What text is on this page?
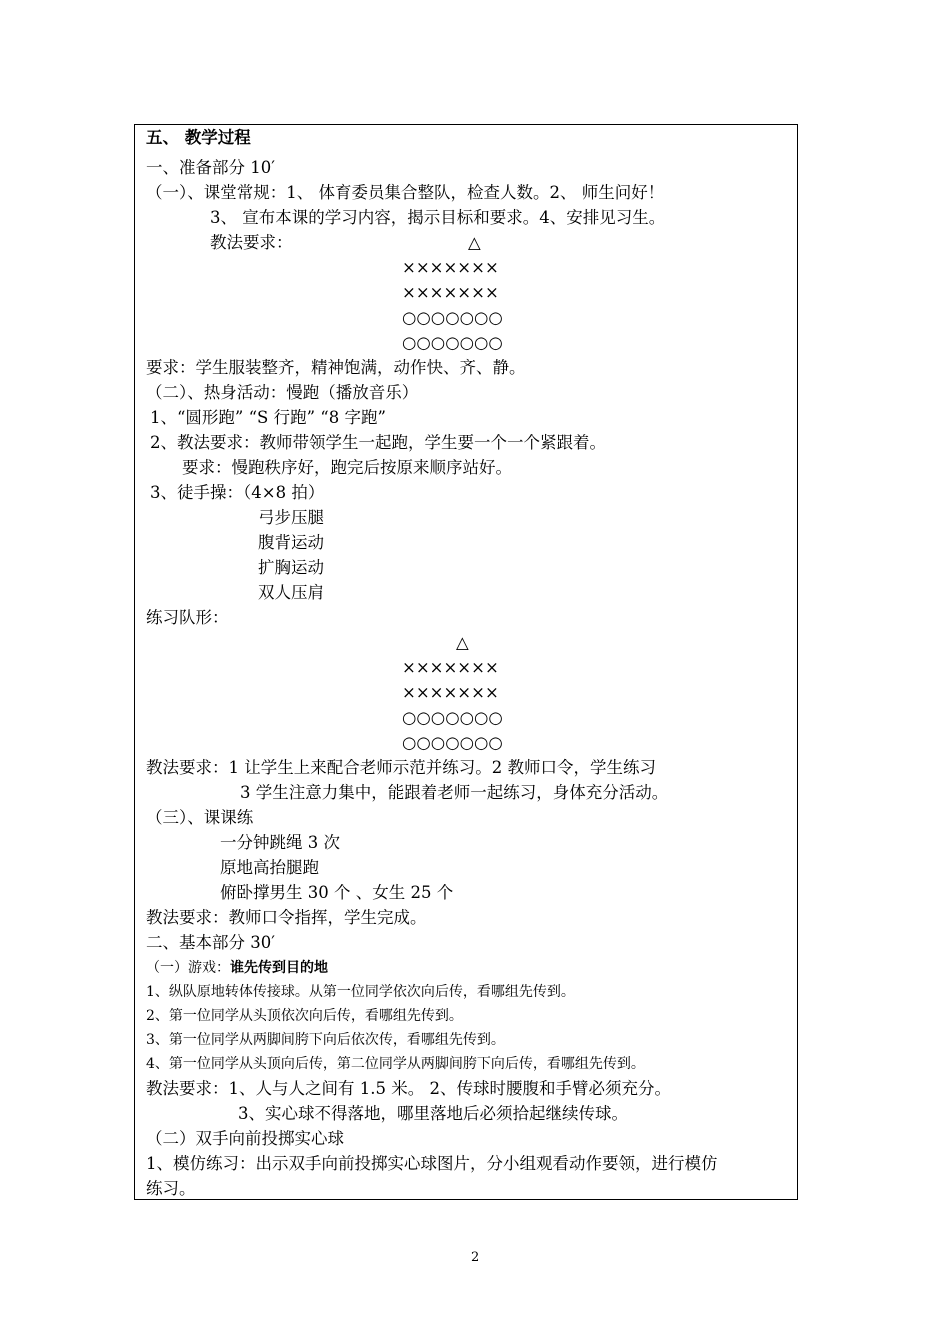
五、 教学过程
一、准备部分 10′
（一）、课堂常规：1、 体育委员集合整队，检查人数。2、 师生问好！
3、 宣布本课的学习内容，揭示目标和要求。4、安排见习生。
教法要求：	△
×××××××
×××××××
○○○○○○○
○○○○○○○
要求：学生服装整齐，精神饱满，动作快、齐、静。
（二）、热身活动：慢跑（播放音乐）
1、“圆形跑” “S 行跑” “8 字跑”
2、教法要求：教师带领学生一起跑，学生要一个一个紧跟着。
要求：慢跑秩序好，跑完后按原来顺序站好。
3、徒手操：（4×8 拍）
弓步压腿
腹背运动
扩胸运动
双人压肩
练习队形：
△
×××××××
×××××××
○○○○○○○
○○○○○○○
教法要求：1 让学生上来配合老师示范并练习。2 教师口令，学生练习
3 学生注意力集中，能跟着老师一起练习，身体充分活动。
（三）、课课练
一分钟跳绳 3 次
原地高抬腿跑
俯卧撑男生 30 个 、女生 25 个
教法要求：教师口令指挥，学生完成。
二、基本部分 30′
（一）游戏：谁先传到目的地
1、纵队原地转体传接球。从第一位同学依次向后传，看哪组先传到。
2、第一位同学从头顶依次向后传，看哪组先传到。
3、第一位同学从两脚间胯下向后依次传，看哪组先传到。
4、第一位同学从头顶向后传，第二位同学从两脚间胯下向后传，看哪组先传到。
教法要求：1、人与人之间有 1.5 米。 2、传球时腰腹和手臂必须充分。
3、实心球不得落地，哪里落地后必须拾起继续传球。
（二）双手向前投掷实心球
1、模仿练习：出示双手向前投掷实心球图片，分小组观看动作要领，进行模仿
练习。
2
